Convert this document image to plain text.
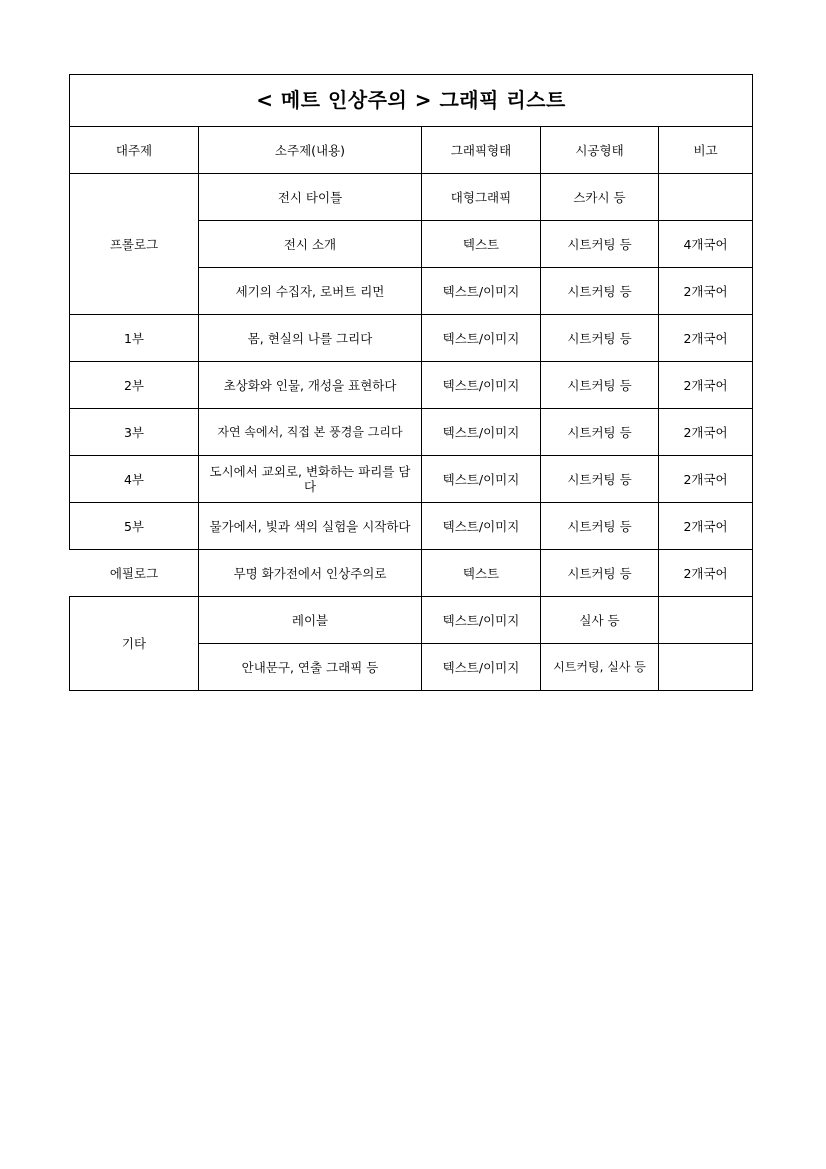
< 메트 인상주의 > 그래픽 리스트				
대주제	소주제(내용)	그래픽형태	시공형태	비고
프롤로그	전시 타이틀	대형그래픽	스카시 등	
	전시 소개	텍스트	시트커팅 등	4개국어
	세기의 수집자, 로버트 리먼	텍스트/이미지	시트커팅 등	2개국어
1부	몸, 현실의 나를 그리다	텍스트/이미지	시트커팅 등	2개국어
2부	초상화와 인물, 개성을 표현하다	텍스트/이미지	시트커팅 등	2개국어
3부	자연 속에서, 직접 본 풍경을 그리다	텍스트/이미지	시트커팅 등	2개국어
4부	도시에서 교외로, 변화하는 파리를 담다	텍스트/이미지	시트커팅 등	2개국어
5부	물가에서, 빛과 색의 실험을 시작하다	텍스트/이미지	시트커팅 등	2개국어
에필로그	무명 화가전에서 인상주의로	텍스트	시트커팅 등	2개국어
기타	레이블	텍스트/이미지	실사 등	
	안내문구, 연출 그래픽 등	텍스트/이미지	시트커팅, 실사 등	
